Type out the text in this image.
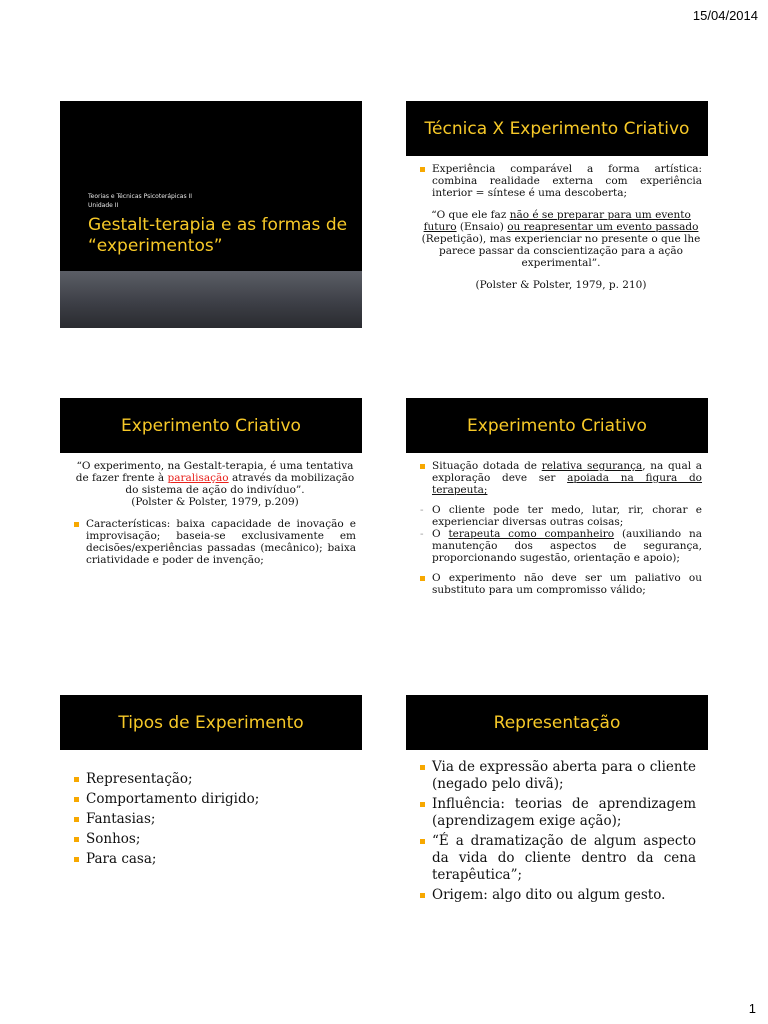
15/04/2014
Teorias e Técnicas Psicoterápicas II
Unidade II
Gestalt-terapia e as formas de “experimentos”
Técnica X Experimento Criativo
Experiência comparável a forma artística: combina realidade externa com experiência interior = síntese é uma descoberta;
“O que ele faz não é se preparar para um evento futuro (Ensaio) ou reapresentar um evento passado (Repetição), mas experienciar no presente o que lhe parece passar da conscientização para a ação experimental”.
(Polster & Polster, 1979, p. 210)
Experimento Criativo
“O experimento, na Gestalt-terapia, é uma tentativa de fazer frente à paralisação através da mobilização do sistema de ação do indivíduo”.
(Polster & Polster, 1979, p.209)
Características: baixa capacidade de inovação e improvisação; baseia-se exclusivamente em decisões/experiências passadas (mecânico); baixa criatividade e poder de invenção;
Experimento Criativo
Situação dotada de relativa segurança, na qual a exploração deve ser apoiada na figura do terapeuta;
- O cliente pode ter medo, lutar, rir, chorar e experienciar diversas outras coisas;
- O terapeuta como companheiro (auxiliando na manutenção dos aspectos de segurança, proporcionando sugestão, orientação e apoio);
O experimento não deve ser um paliativo ou substituto para um compromisso válido;
Tipos de Experimento
Representação;
Comportamento dirigido;
Fantasias;
Sonhos;
Para casa;
Representação
Via de expressão aberta para o cliente (negado pelo divã);
Influência: teorias de aprendizagem (aprendizagem exige ação);
“É a dramatização de algum aspecto da vida do cliente dentro da cena terapêutica”;
Origem: algo dito ou algum gesto.
1
